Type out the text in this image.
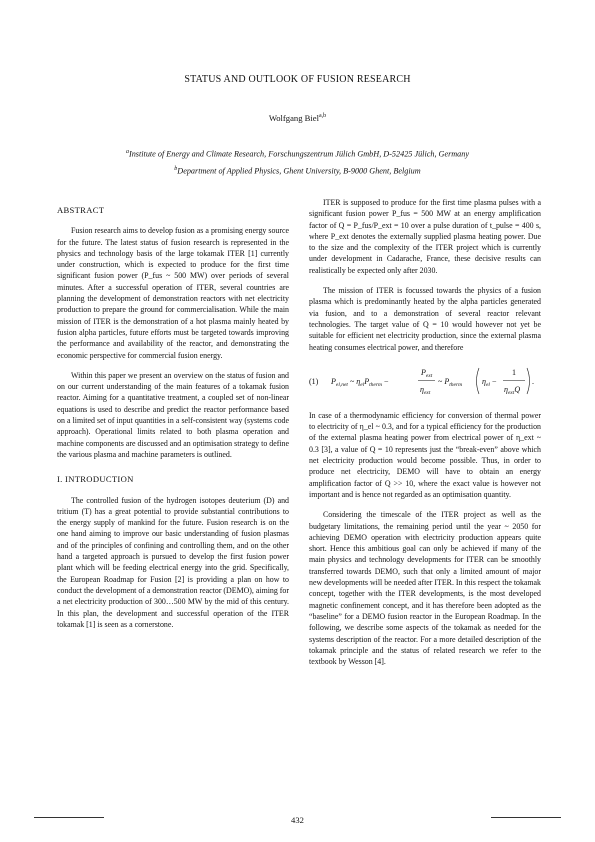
STATUS AND OUTLOOK OF FUSION RESEARCH
Wolfgang Biel$^{a,b}$
$^a$Institute of Energy and Climate Research, Forschungszentrum Jülich GmbH, D-52425 Jülich, Germany
$^b$Department of Applied Physics, Ghent University, B-9000 Ghent, Belgium
ABSTRACT

Fusion research aims to develop fusion as a promising energy source for the future. The latest status of fusion research is represented in the physics and technology basis of the large tokamak ITER [1] currently under construction, which is expected to produce for the first time significant fusion power (P_fus ~ 500 MW) over periods of several minutes. After a successful operation of ITER, several countries are planning the development of demonstration reactors with net electricity production to prepare the ground for commercialisation. While the main mission of ITER is the demonstration of a hot plasma mainly heated by fusion alpha particles, future efforts must be targeted towards improving the performance and availability of the reactor, and demonstrating the economic perspective for commercial fusion energy.

Within this paper we present an overview on the status of fusion and on our current understanding of the main features of a tokamak fusion reactor. Aiming for a quantitative treatment, a coupled set of non-linear equations is used to describe and predict the reactor performance based on a limited set of input quantities in a self-consistent way (systems code approach). Operational limits related to both plasma operation and machine components are discussed and an optimisation strategy to define the various plasma and machine parameters is outlined.

I. INTRODUCTION

The controlled fusion of the hydrogen isotopes deuterium (D) and tritium (T) has a great potential to provide substantial contributions to the energy supply of mankind for the future. Fusion research is on the one hand aiming to improve our basic understanding of fusion plasmas and of the principles of confining and controlling them, and on the other hand a targeted approach is pursued to develop the first fusion power plant which will be feeding electrical energy into the grid. Specifically, the European Roadmap for Fusion [2] is providing a plan on how to conduct the development of a demonstration reactor (DEMO), aiming for a net electricity production of 300…500 MW by the mid of this century. In this plan, the development and successful operation of the ITER tokamak [1] is seen as a cornerstone.

ITER is supposed to produce for the first time plasma pulses with a significant fusion power P_fus = 500 MW at an energy amplification factor of Q = P_fus/P_ext = 10 over a pulse duration of t_pulse = 400 s, where P_ext denotes the externally supplied plasma heating power. Due to the size and the complexity of the ITER project which is currently under development in Cadarache, France, these decisive results can realistically be expected only after 2030.

The mission of ITER is focussed towards the physics of a fusion plasma which is predominantly heated by the alpha particles generated via fusion, and to a demonstration of several reactor relevant technologies. The target value of Q = 10 would however not yet be suitable for efficient net electricity production, since the external plasma heating consumes electrical power, and therefore

(1) $P_{el,net}$ ~ $\eta_{el}P_{therm}$ −
$P_{ext}$
$\eta_{ext}$
~ $P_{therm}$ $\eta_{el}$ −
1
$\eta_{ext}Q$
.

In case of a thermodynamic efficiency for conversion of thermal power to electricity of η_el ~ 0.3, and for a typical efficiency for the production of the external plasma heating power from electrical power of η_ext ~ 0.3 [3], a value of Q = 10 represents just the “break-even” above which net electricity production would become possible. Thus, in order to produce net electricity, DEMO will have to obtain an energy amplification factor of Q >> 10, where the exact value is however not important and is hence not regarded as an optimisation quantity.

Considering the timescale of the ITER project as well as the budgetary limitations, the remaining period until the year ~ 2050 for achieving DEMO operation with electricity production appears quite short. Hence this ambitious goal can only be achieved if many of the main physics and technology developments for ITER can be smoothly transferred towards DEMO, such that only a limited amount of major new developments will be needed after ITER. In this respect the tokamak concept, together with the ITER developments, is the most developed magnetic confinement concept, and it has therefore been adopted as the “baseline” for a DEMO fusion reactor in the European Roadmap. In the following, we describe some aspects of the tokamak as needed for the systems description of the reactor. For a more detailed description of the tokamak principle and the status of related research we refer to the textbook by Wesson [4].

432
